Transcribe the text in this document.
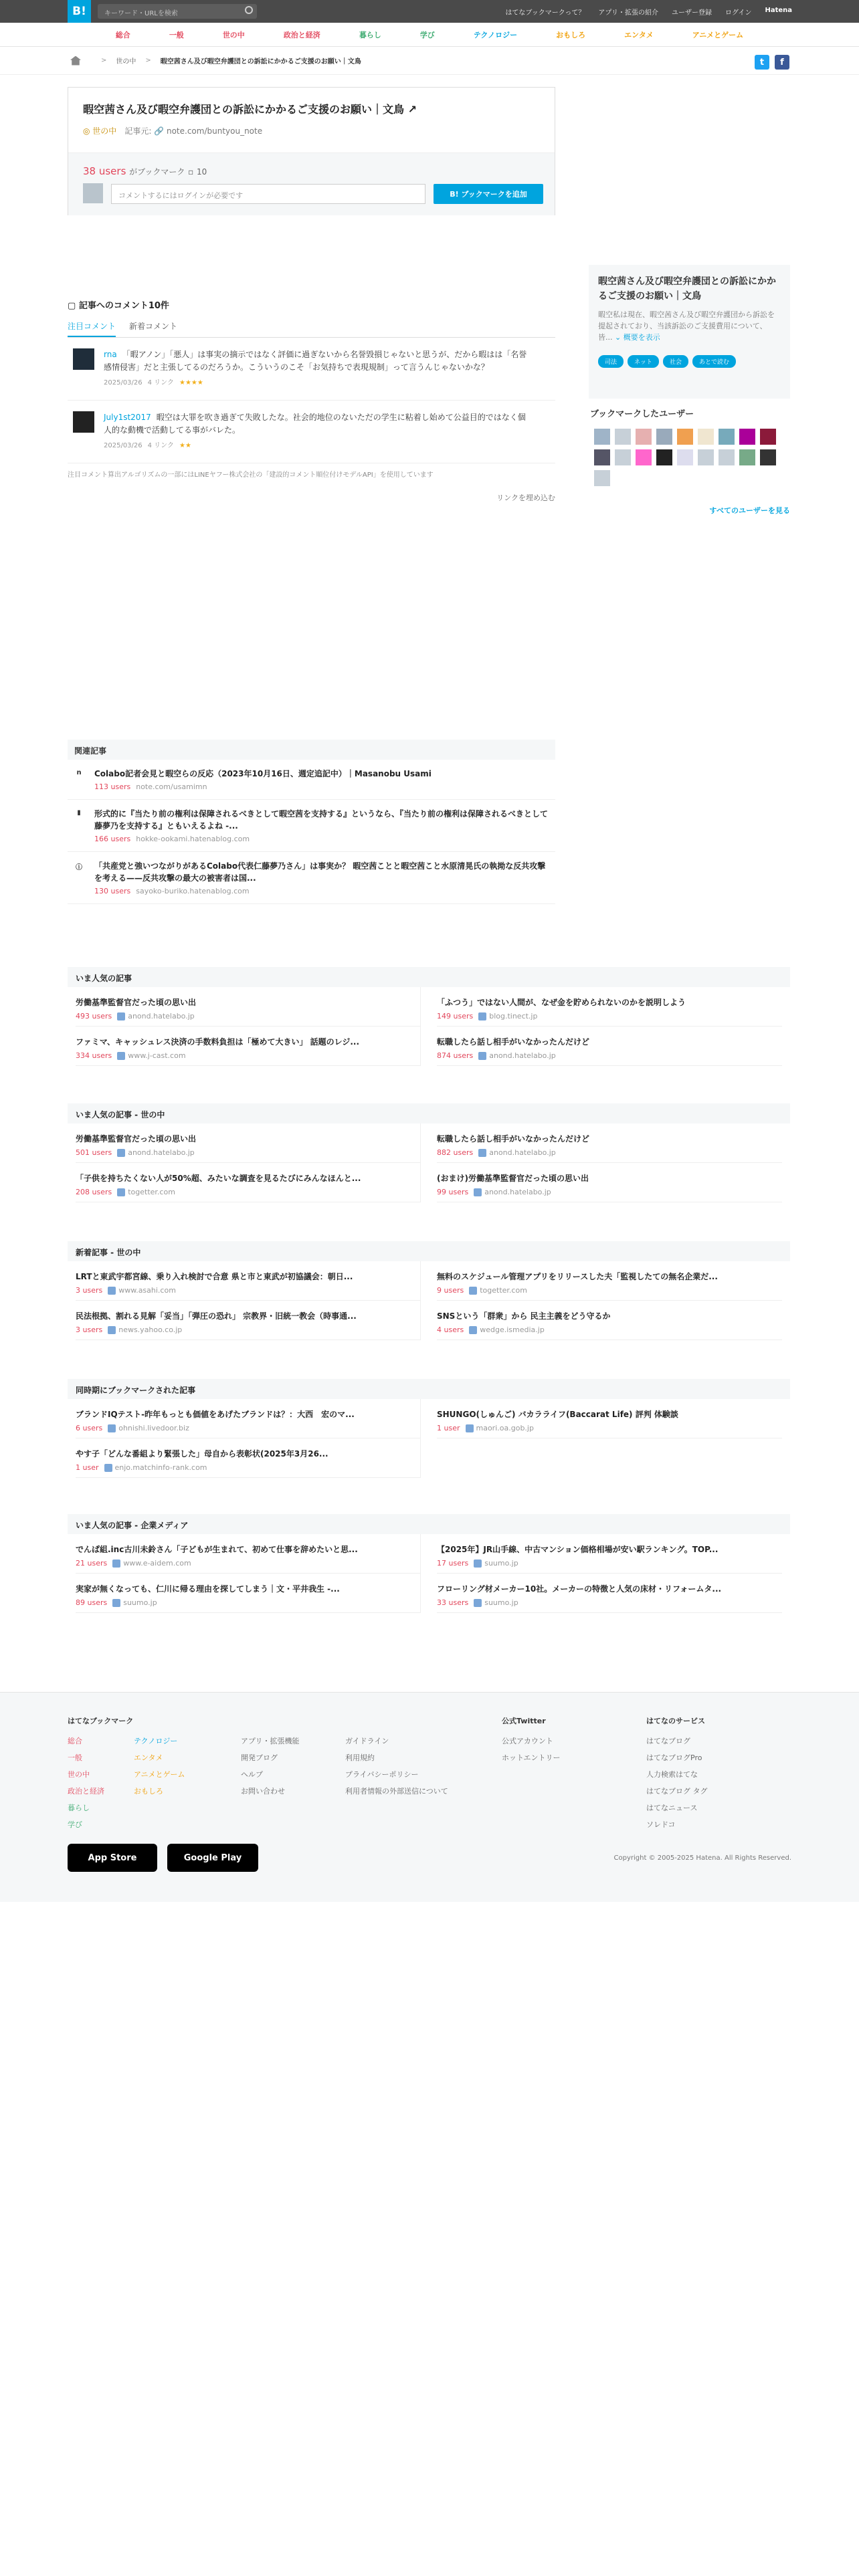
B!	キーワード・URLを検索	はてなブックマークって？ アプリ・拡張の紹介 ユーザー登録 ログイン Hatena
総合	一般	世の中	政治と経済	暮らし	学び	テクノロジー	おもしろ	エンタメ	アニメとゲーム
> 世の中 > 暇空茜さん及び暇空弁護団との訴訟にかかるご支援のお願い｜文鳥	t	f
暇空茜さん及び暇空弁護団との訴訟にかかるご支援のお願い｜文鳥 ↗
◎ 世の中 記事元: 🔗 note.com/buntyou_note
38 users がブックマーク ▫ 10
コメントするにはログインが必要です	B! ブックマークを追加
▢ 記事へのコメント10件
注目コメント 新着コメント
rna 「暇アノン」「悪人」は事実の摘示ではなく評価に過ぎないから名誉毀損じゃないと思うが、だから暇はは「名誉感情侵害」だと主張してるのだろうか。こういうのこそ「お気持ちで表現規制」って言うんじゃないかな？
2025/03/26 4 リンク ★★★★
July1st2017 暇空は大罪を吹き過ぎて失敗したな。社会的地位のないただの学生に粘着し始めて公益目的ではなく個人的な動機で活動してる事がバレた。
2025/03/26 4 リンク ★★
注目コメント算出アルゴリズムの一部にはLINEヤフー株式会社の「建設的コメント順位付けモデルAPI」を使用しています
リンクを埋め込む
暇空茜さん及び暇空弁護団との訴訟にかかるご支援のお願い｜文鳥
暇空私は現在、暇空茜さん及び暇空弁護団から訴訟を提起されており、当該訴訟のご支援費用について、皆... ⌄ 概要を表示
司法	ネット	社会	あとで読む
ブックマークしたユーザー
すべてのユーザーを見る
関連記事
n Colabo記者会見と暇空らの反応（2023年10月16日、週定追記中）｜Masanobu Usami
113 users note.com/usamimn
▮	形式的に『当たり前の権利は保障されるべきとして暇空茜を支持する』というなら、『当たり前の権利は保障されるべきとして藤夢乃を支持する』ともいえるよね -...
166 users hokke-ookami.hatenablog.com
ⓘ 「共産党と強いつながりがあるColabo代表仁藤夢乃さん」は事実か？ 暇空茜ことと暇空茜こと水原清晃氏の執拗な反共攻撃を考える——反共攻撃の最大の被害者は国...
130 users sayoko-buriko.hatenablog.com
いま人気の記事
労働基準監督官だった頃の思い出
493 users anond.hatelabo.jp
「ふつう」ではない人間が、なぜ金を貯められないのかを説明しよう
149 users blog.tinect.jp
ファミマ、キャッシュレス決済の手数料負担は「極めて大きい」 話題のレジ...
334 users www.j-cast.com
転職したら話し相手がいなかったんだけど
874 users anond.hatelabo.jp
いま人気の記事 - 世の中
労働基準監督官だった頃の思い出
501 users anond.hatelabo.jp
転職したら話し相手がいなかったんだけど
882 users anond.hatelabo.jp
「子供を持ちたくない人が50%超、みたいな調査を見るたびにみんなほんと...
208 users togetter.com
(おまけ)労働基準監督官だった頃の思い出
99 users anond.hatelabo.jp
新着記事 - 世の中
LRTと東武宇都宮線、乗り入れ検討で合意 県と市と東武が初協議会：朝日...
3 users www.asahi.com
無料のスケジュール管理アプリをリリースした夫「監視したての無名企業だ...
9 users togetter.com
民法根拠、割れる見解「妥当」「弾圧の恐れ」 宗教界・旧統一教会（時事通...
3 users news.yahoo.co.jp
SNSという「群衆」から 民主主義をどう守るか
4 users wedge.ismedia.jp
同時期にブックマークされた記事
ブランドIQテスト-昨年もっとも価値をあげたブランドは？：大西　宏のマ...
6 users ohnishi.livedoor.biz
SHUNGO(しゅんご) バカラライフ(Baccarat Life) 評判 体験談
1 user maori.oa.gob.jp
やす子「どんな番組より緊張した」母自から表彰状(2025年3月26...
1 user enjo.matchinfo-rank.com
いま人気の記事 - 企業メディア
でんぱ組.inc古川未鈴さん「子どもが生まれて、初めて仕事を辞めたいと思...
21 users www.e-aidem.com
【2025年】JR山手線、中古マンション価格相場が安い駅ランキング。TOP...
17 users suumo.jp
実家が無くなっても、仁川に帰る理由を探してしまう｜文・平井我生 -...
89 users suumo.jp
フローリング材メーカー10社。メーカーの特徴と人気の床材・リフォームタ...
33 users suumo.jp
はてなブックマーク
総合
一般
世の中
政治と経済
暮らし
学び
テクノロジー
エンタメ
アニメとゲーム
おもしろ

アプリ・拡張機能
開発ブログ
ヘルプ
お問い合わせ

ガイドライン
利用規約
プライバシーポリシー
利用者情報の外部送信について
公式Twitter
公式アカウント
ホットエントリー
はてなのサービス
はてなブログ
はてなブログPro
人力検索はてな
はてなブログ タグ
はてなニュース
ソレドコ
App Store	Google Play	Copyright © 2005-2025 Hatena. All Rights Reserved.
